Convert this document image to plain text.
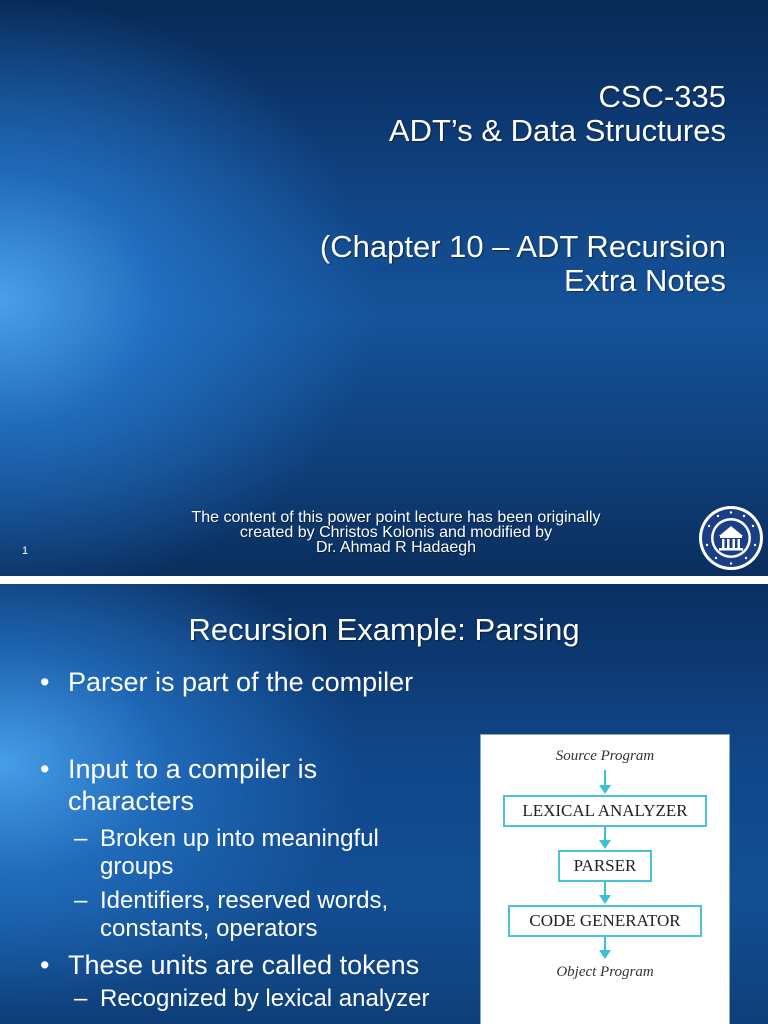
CSC-335
ADT’s & Data Structures
(Chapter 10 – ADT Recursion
Extra Notes
The content of this power point lecture has been originally
created by Christos Kolonis and modified by
Dr. Ahmad R Hadaegh
1
Recursion Example: Parsing
• Parser is part of the compiler
• Input to a compiler is
characters
– Broken up into meaningful
groups
– Identifiers, reserved words,
constants, operators
• These units are called tokens
– Recognized by lexical analyzer
Source Program
LEXICAL ANALYZER
PARSER
CODE GENERATOR
Object Program
